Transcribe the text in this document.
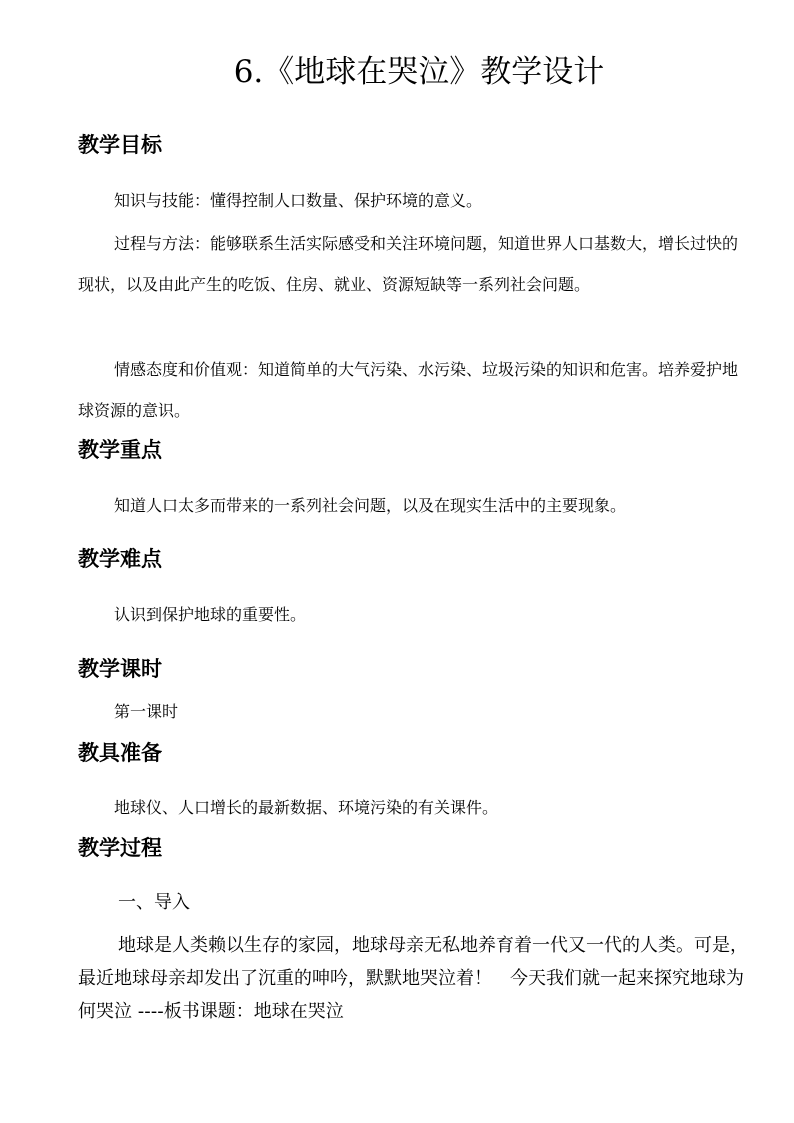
6.《地球在哭泣》教学设计
教学目标

知识与技能：懂得控制人口数量、保护环境的意义。

过程与方法：能够联系生活实际感受和关注环境问题，知道世界人口基数大，增长过快的现状，以及由此产生的吃饭、住房、就业、资源短缺等一系列社会问题。

情感态度和价值观：知道简单的大气污染、水污染、垃圾污染的知识和危害。培养爱护地球资源的意识。

教学重点

知道人口太多而带来的一系列社会问题，以及在现实生活中的主要现象。

教学难点

认识到保护地球的重要性。

教学课时
第一课时
教具准备

地球仪、人口增长的最新数据、环境污染的有关课件。

教学过程
一、导入

地球是人类赖以生存的家园，地球母亲无私地养育着一代又一代的人类。可是，最近地球母亲却发出了沉重的呻吟，默默地哭泣着！　今天我们就一起来探究地球为何哭泣 ----板书课题：地球在哭泣
